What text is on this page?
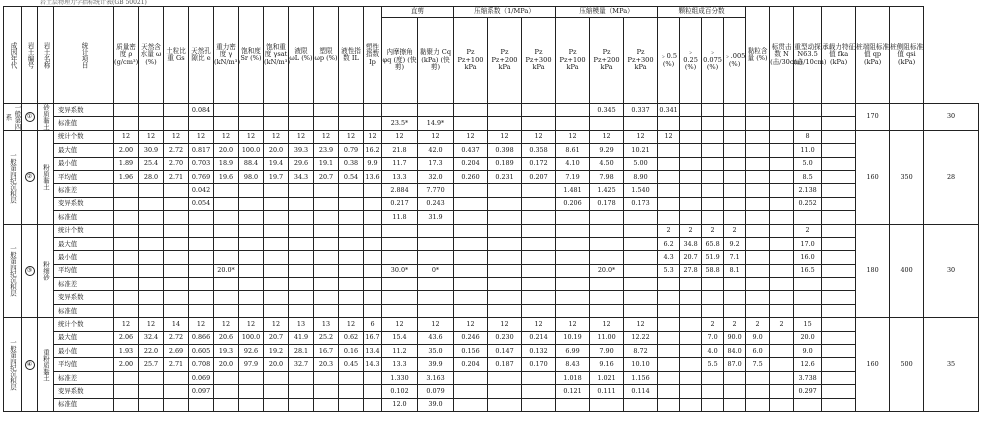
岩土层物理力学指标统计表(GB 50021)
成因年代	岩土编号	岩土名称	统计项目	质量密度 ρ (g/cm³)	天然含水量 ω (%)	土粒比重 Gs	天然孔隙比 e	重力密度 γ (kN/m³)	饱和度 Sr (%)	饱和重度 γsat (kN/m³)	液限 ωL (%)	塑限 ωp (%)	液性指数 IL	塑性指数 Ip	直剪		压缩系数（1/MPa）			压缩模量（MPa）			颗粒组成百分数				黏粒含量 (%)	标贯击数 N (击/30cm)	重型动探 N63.5 (击/10cm)	承载力特征值 fka (kPa)	桩端阻标准值 qp (kPa)	桩侧阻标准值 qsi (kPa)	
															内摩擦角 φq (度) (快剪)	黏聚力 Cq (kPa) (快剪)	Pz Pz+100 kPa	Pz Pz+200 kPa	Pz Pz+300 kPa	Pz Pz+100 kPa	Pz Pz+200 kPa	Pz Pz+300 kPa	﹥0.5 (%)	﹥0.25 (%)	﹥0.075 (%)	﹥.005 (%)							
一般第四系	①	砂质黏土	变异系数				0.084														0.345	0.337	0.341								170		30
			标准值												23.5*	14.9*																	
一般第四纪沉积层	②	粉质黏土	统计个数	12	12	12	12	12	12	12	12	12	12	12	12	12	12	12	12	12	12	12	12						8		160	350	28
			最大值	2.00	30.9	2.72	0.817	20.0	100.0	20.0	39.3	23.9	0.79	16.2	21.8	42.0	0.437	0.398	0.358	8.61	9.29	10.21							11.0				
			最小值	1.89	25.4	2.70	0.703	18.9	88.4	19.4	29.6	19.1	0.38	9.9	11.7	17.3	0.204	0.189	0.172	4.10	4.50	5.00							5.0				
			平均值	1.96	28.0	2.71	0.769	19.6	98.0	19.7	34.3	20.7	0.54	13.6	13.3	32.0	0.260	0.231	0.207	7.19	7.98	8.90							8.5				
			标准差				0.042								2.884	7.770				1.481	1.425	1.540							2.138				
			变异系数				0.054								0.217	0.243				0.206	0.178	0.173							0.252				
			标准值												11.8	31.9																	
一般第四纪沉积层	③	粉细砂	统计个数																				2	2	2	2			2		180	400	30
			最大值																				6.2	34.8	65.8	9.2			17.0				
			最小值																				4.3	20.7	51.9	7.1			16.0				
			平均值					20.0*							30.0*	0*					20.0*		5.3	27.8	58.8	8.1			16.5				
			标准差																														
			变异系数																														
			标准值																														
一般第四纪沉积层	④	重粉质黏土	统计个数	12	12	14	12	12	12	12	13	13	12	6	12	12	12	12	12	12	12	12			2	2	2	2	15		160	500	35
			最大值	2.06	32.4	2.72	0.866	20.6	100.0	20.7	41.9	25.2	0.62	16.7	15.4	43.6	0.246	0.230	0.214	10.19	11.00	12.22			7.0	90.0	9.0		20.0				
			最小值	1.93	22.0	2.69	0.605	19.3	92.6	19.2	28.1	16.7	0.16	13.4	11.2	35.0	0.156	0.147	0.132	6.99	7.90	8.72			4.0	84.0	6.0		9.0				
			平均值	2.00	25.7	2.71	0.708	20.0	97.9	20.0	32.7	20.3	0.45	14.3	13.3	39.9	0.204	0.187	0.170	8.43	9.16	10.10			5.5	87.0	7.5		12.6				
			标准差				0.069								1.330	3.163				1.018	1.021	1.156							3.738				
			变异系数				0.097								0.102	0.079				0.121	0.111	0.114							0.297				
			标准值												12.0	39.0																	
